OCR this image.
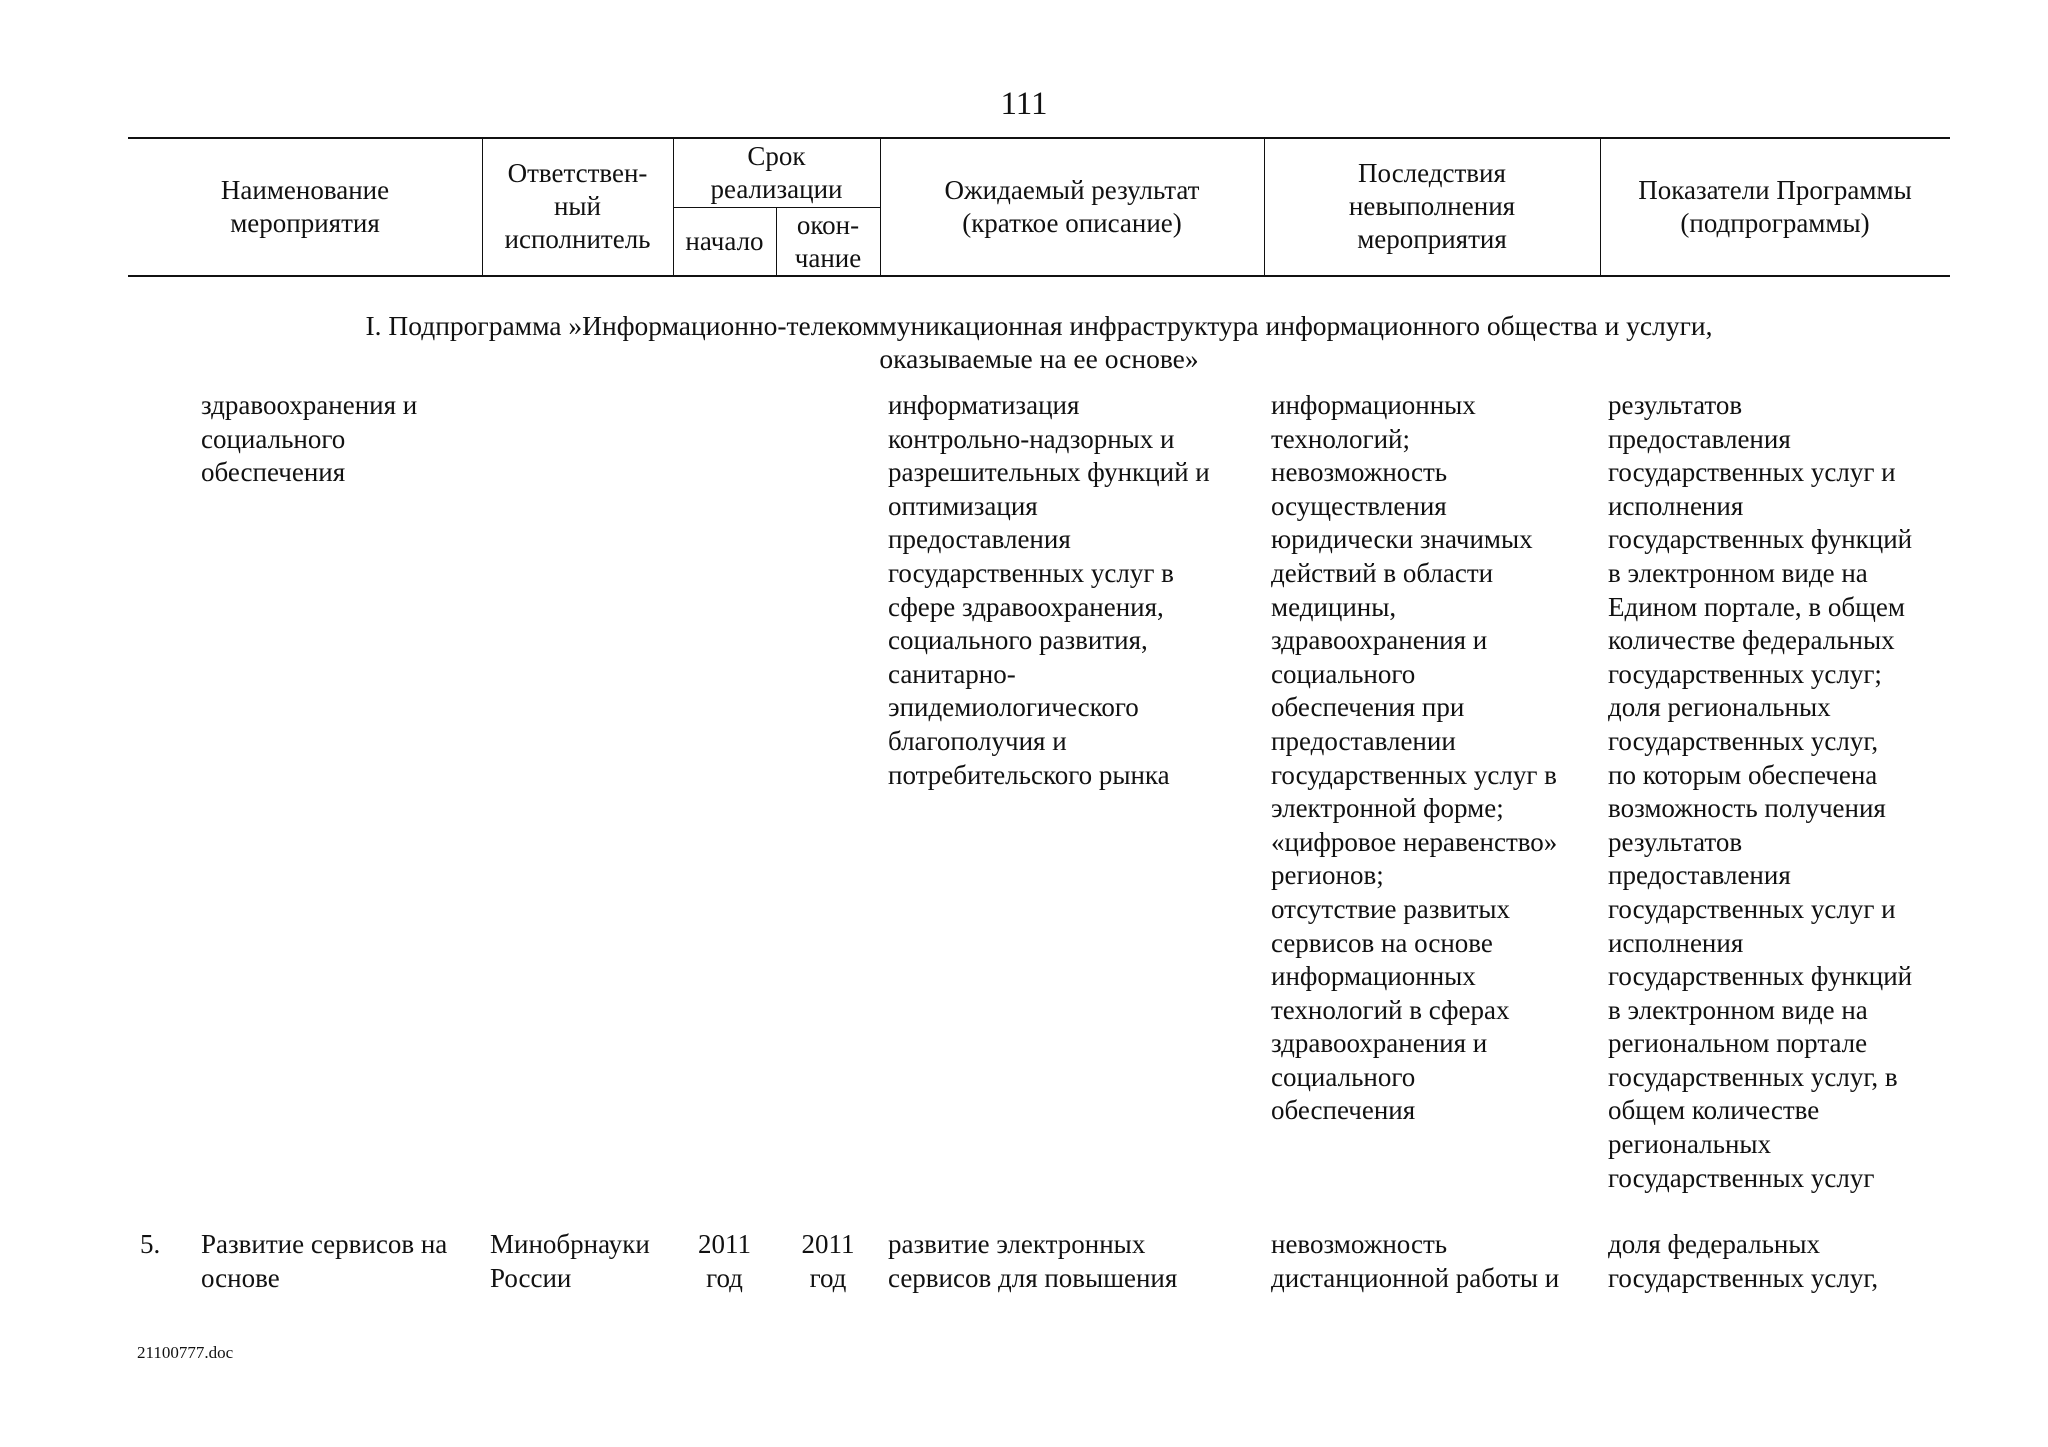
111
Наименование
мероприятия
Ответствен-
ный
исполнитель
Срок
реализации
начало
окон-
чание
Ожидаемый результат
(краткое описание)
Последствия
невыполнения
мероприятия
Показатели Программы
(подпрограммы)
I. Подпрограмма »Информационно-телекоммуникационная инфраструктура информационного общества и услуги,
оказываемые на ее основе»
здравоохранения и
социального
обеспечения
информатизация
контрольно-надзорных и
разрешительных функций и
оптимизация
предоставления
государственных услуг в
сфере здравоохранения,
социального развития,
санитарно-
эпидемиологического
благополучия и
потребительского рынка
информационных
технологий;
невозможность
осуществления
юридически значимых
действий в области
медицины,
здравоохранения и
социального
обеспечения при
предоставлении
государственных услуг в
электронной форме;
«цифровое неравенство»
регионов;
отсутствие развитых
сервисов на основе
информационных
технологий в сферах
здравоохранения и
социального
обеспечения
результатов
предоставления
государственных услуг и
исполнения
государственных функций
в электронном виде на
Едином портале, в общем
количестве федеральных
государственных услуг;
доля региональных
государственных услуг,
по которым обеспечена
возможность получения
результатов
предоставления
государственных услуг и
исполнения
государственных функций
в электронном виде на
региональном портале
государственных услуг, в
общем количестве
региональных
государственных услуг
5.	Развитие сервисов на
основе
Минобрнауки
России
2011
год
2011
год
развитие электронных
сервисов для повышения
невозможность
дистанционной работы и
доля федеральных
государственных услуг,
21100777.doc
